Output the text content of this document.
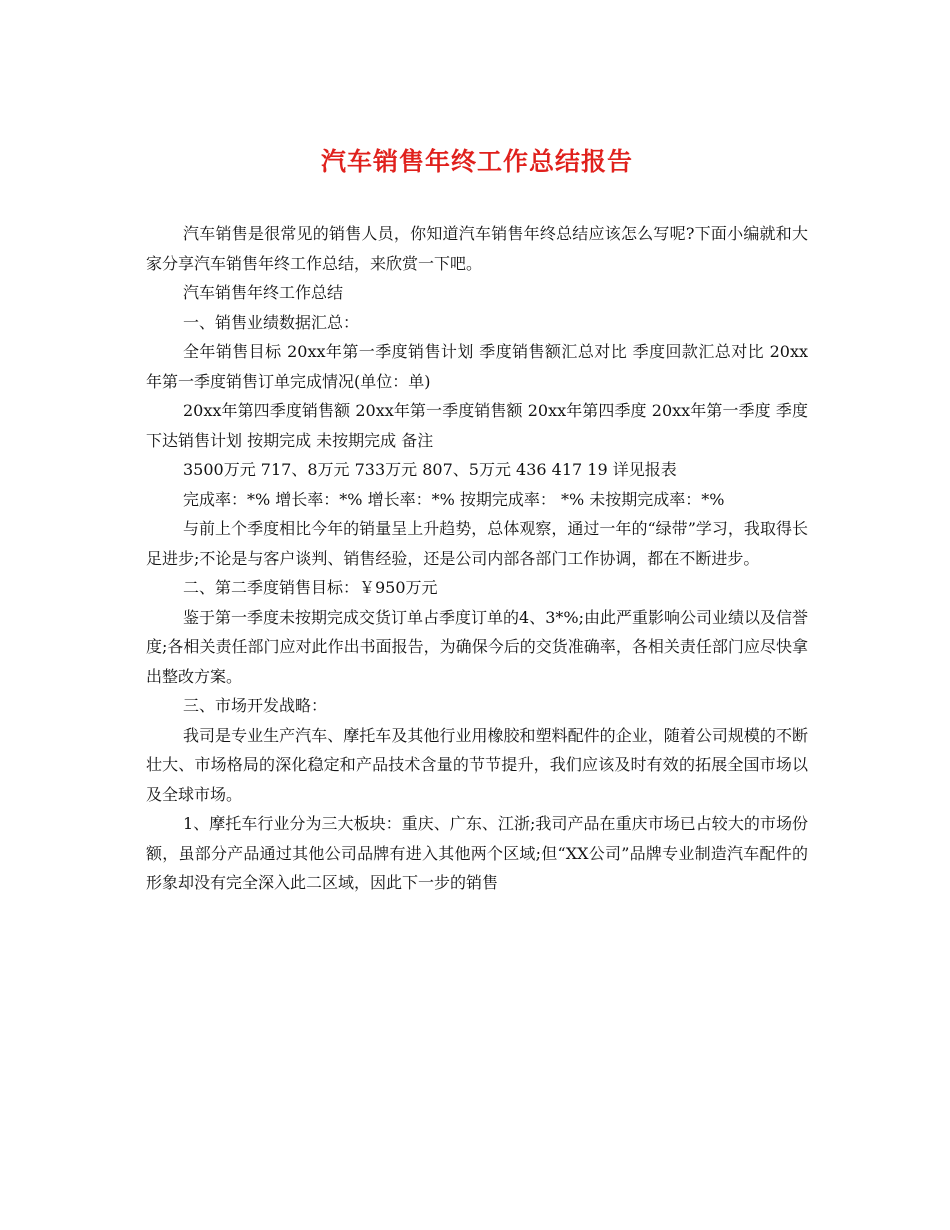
汽车销售年终工作总结报告

汽车销售是很常见的销售人员，你知道汽车销售年终总结应该怎么写呢?下面小编就和大家分享汽车销售年终工作总结，来欣赏一下吧。

汽车销售年终工作总结

一、销售业绩数据汇总：

全年销售目标 20xx年第一季度销售计划 季度销售额汇总对比 季度回款汇总对比 20xx年第一季度销售订单完成情况(单位：单)

20xx年第四季度销售额 20xx年第一季度销售额 20xx年第四季度 20xx年第一季度 季度下达销售计划 按期完成 未按期完成 备注

3500万元 717、8万元 733万元 807、5万元 436 417 19 详见报表

完成率：*% 增长率：*% 增长率：*% 按期完成率： *% 未按期完成率：*%

与前上个季度相比今年的销量呈上升趋势，总体观察，通过一年的“绿带”学习，我取得长足进步;不论是与客户谈判、销售经验，还是公司内部各部门工作协调，都在不断进步。

二、第二季度销售目标：￥950万元

鉴于第一季度未按期完成交货订单占季度订单的4、3*%;由此严重影响公司业绩以及信誉度;各相关责任部门应对此作出书面报告，为确保今后的交货准确率，各相关责任部门应尽快拿出整改方案。

三、市场开发战略：

我司是专业生产汽车、摩托车及其他行业用橡胶和塑料配件的企业，随着公司规模的不断壮大、市场格局的深化稳定和产品技术含量的节节提升，我们应该及时有效的拓展全国市场以及全球市场。

1、摩托车行业分为三大板块：重庆、广东、江浙;我司产品在重庆市场已占较大的市场份额，虽部分产品通过其他公司品牌有进入其他两个区域;但“XX公司”品牌专业制造汽车配件的形象却没有完全深入此二区域，因此下一步的销售
